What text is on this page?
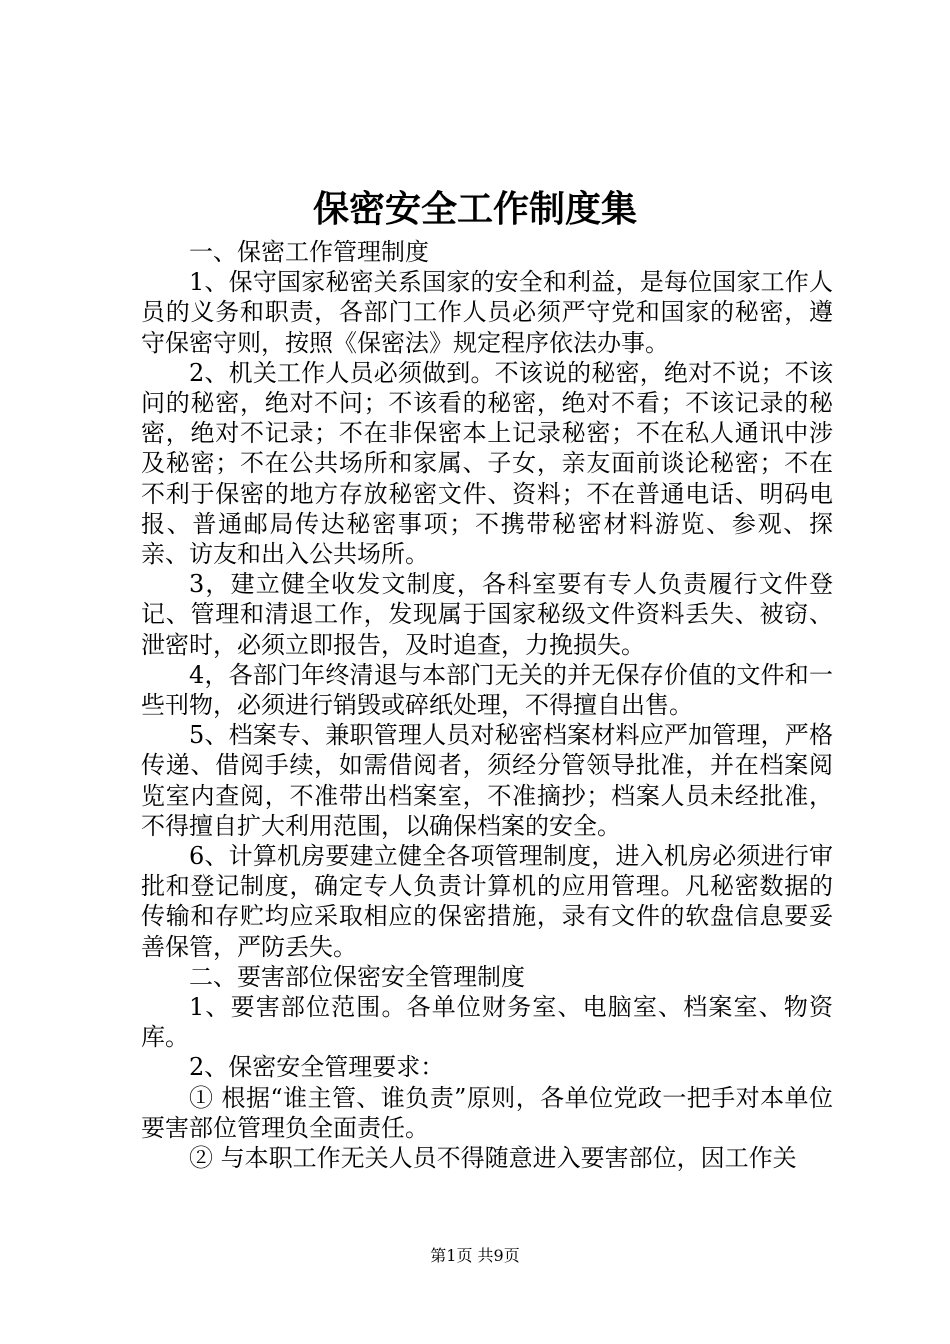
保密安全工作制度集

一、保密工作管理制度

1、保守国家秘密关系国家的安全和利益，是每位国家工作人员的义务和职责，各部门工作人员必须严守党和国家的秘密，遵守保密守则，按照《保密法》规定程序依法办事。

2、机关工作人员必须做到。不该说的秘密，绝对不说；不该问的秘密，绝对不问；不该看的秘密，绝对不看；不该记录的秘密，绝对不记录；不在非保密本上记录秘密；不在私人通讯中涉及秘密；不在公共场所和家属、子女，亲友面前谈论秘密；不在不利于保密的地方存放秘密文件、资料；不在普通电话、明码电报、普通邮局传达秘密事项；不携带秘密材料游览、参观、探亲、访友和出入公共场所。

3，建立健全收发文制度，各科室要有专人负责履行文件登记、管理和清退工作，发现属于国家秘级文件资料丢失、被窃、泄密时，必须立即报告，及时追查，力挽损失。

4，各部门年终清退与本部门无关的并无保存价值的文件和一些刊物，必须进行销毁或碎纸处理，不得擅自出售。

5、档案专、兼职管理人员对秘密档案材料应严加管理，严格传递、借阅手续，如需借阅者，须经分管领导批准，并在档案阅览室内查阅，不准带出档案室，不准摘抄；档案人员未经批准，不得擅自扩大利用范围，以确保档案的安全。

6、计算机房要建立健全各项管理制度，进入机房必须进行审批和登记制度，确定专人负责计算机的应用管理。凡秘密数据的传输和存贮均应采取相应的保密措施，录有文件的软盘信息要妥善保管，严防丢失。

二、要害部位保密安全管理制度

1、要害部位范围。各单位财务室、电脑室、档案室、物资库。

2、保密安全管理要求：

① 根据“谁主管、谁负责”原则，各单位党政一把手对本单位要害部位管理负全面责任。

② 与本职工作无关人员不得随意进入要害部位，因工作关

第1页 共9页
